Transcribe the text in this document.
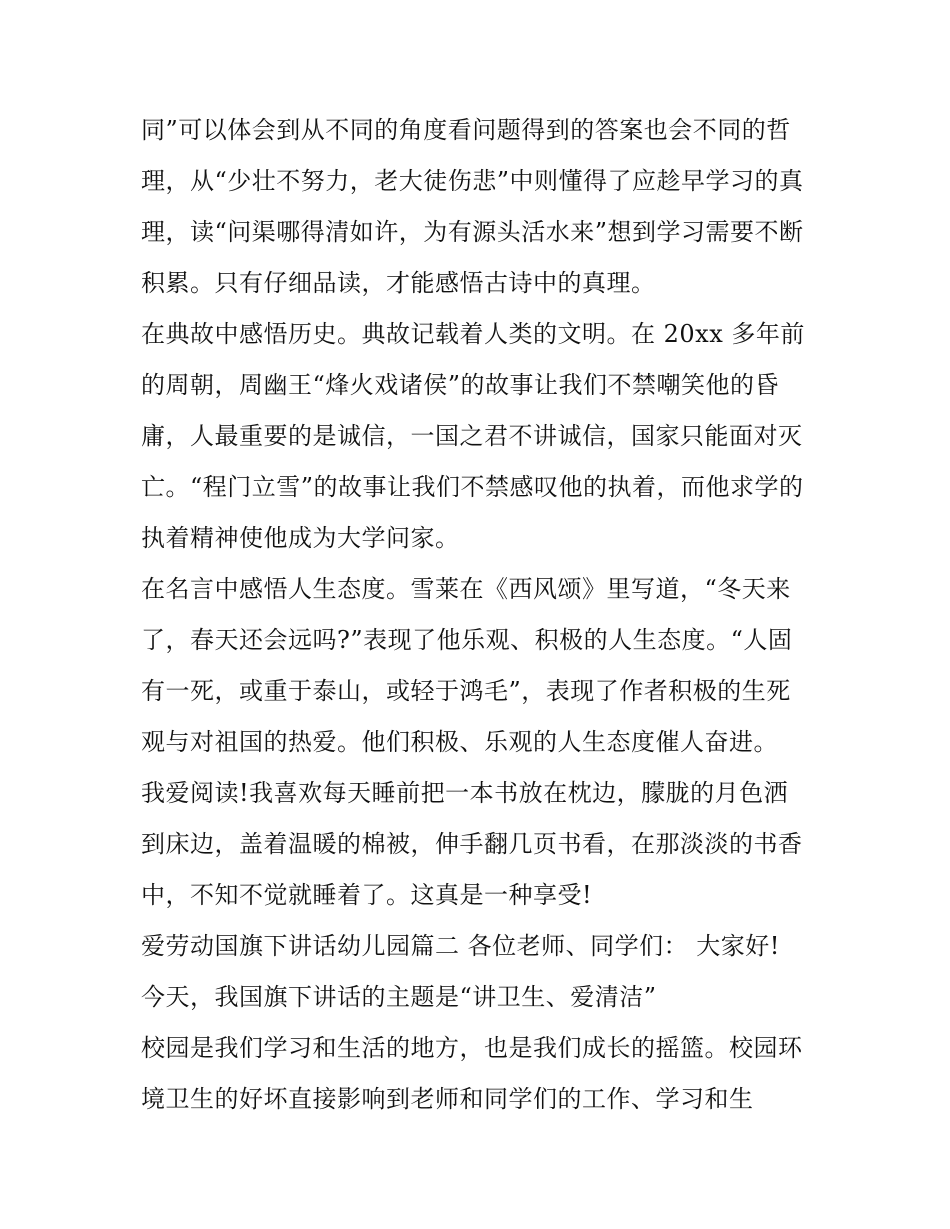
同”可以体会到从不同的角度看问题得到的答案也会不同的哲
理，从“少壮不努力，老大徒伤悲”中则懂得了应趁早学习的真
理，读“问渠哪得清如许，为有源头活水来”想到学习需要不断
积累。只有仔细品读，才能感悟古诗中的真理。
在典故中感悟历史。典故记载着人类的文明。在 20xx 多年前
的周朝，周幽王“烽火戏诸侯”的故事让我们不禁嘲笑他的昏
庸，人最重要的是诚信，一国之君不讲诚信，国家只能面对灭
亡。“程门立雪”的故事让我们不禁感叹他的执着，而他求学的
执着精神使他成为大学问家。
在名言中感悟人生态度。雪莱在《西风颂》里写道，“冬天来
了，春天还会远吗?”表现了他乐观、积极的人生态度。“人固
有一死，或重于泰山，或轻于鸿毛”，表现了作者积极的生死
观与对祖国的热爱。他们积极、乐观的人生态度催人奋进。
我爱阅读!我喜欢每天睡前把一本书放在枕边，朦胧的月色洒
到床边，盖着温暖的棉被，伸手翻几页书看，在那淡淡的书香
中，不知不觉就睡着了。这真是一种享受!
爱劳动国旗下讲话幼儿园篇二 各位老师、同学们： 大家好!
今天，我国旗下讲话的主题是“讲卫生、爱清洁”
校园是我们学习和生活的地方，也是我们成长的摇篮。校园环
境卫生的好坏直接影响到老师和同学们的工作、学习和生
